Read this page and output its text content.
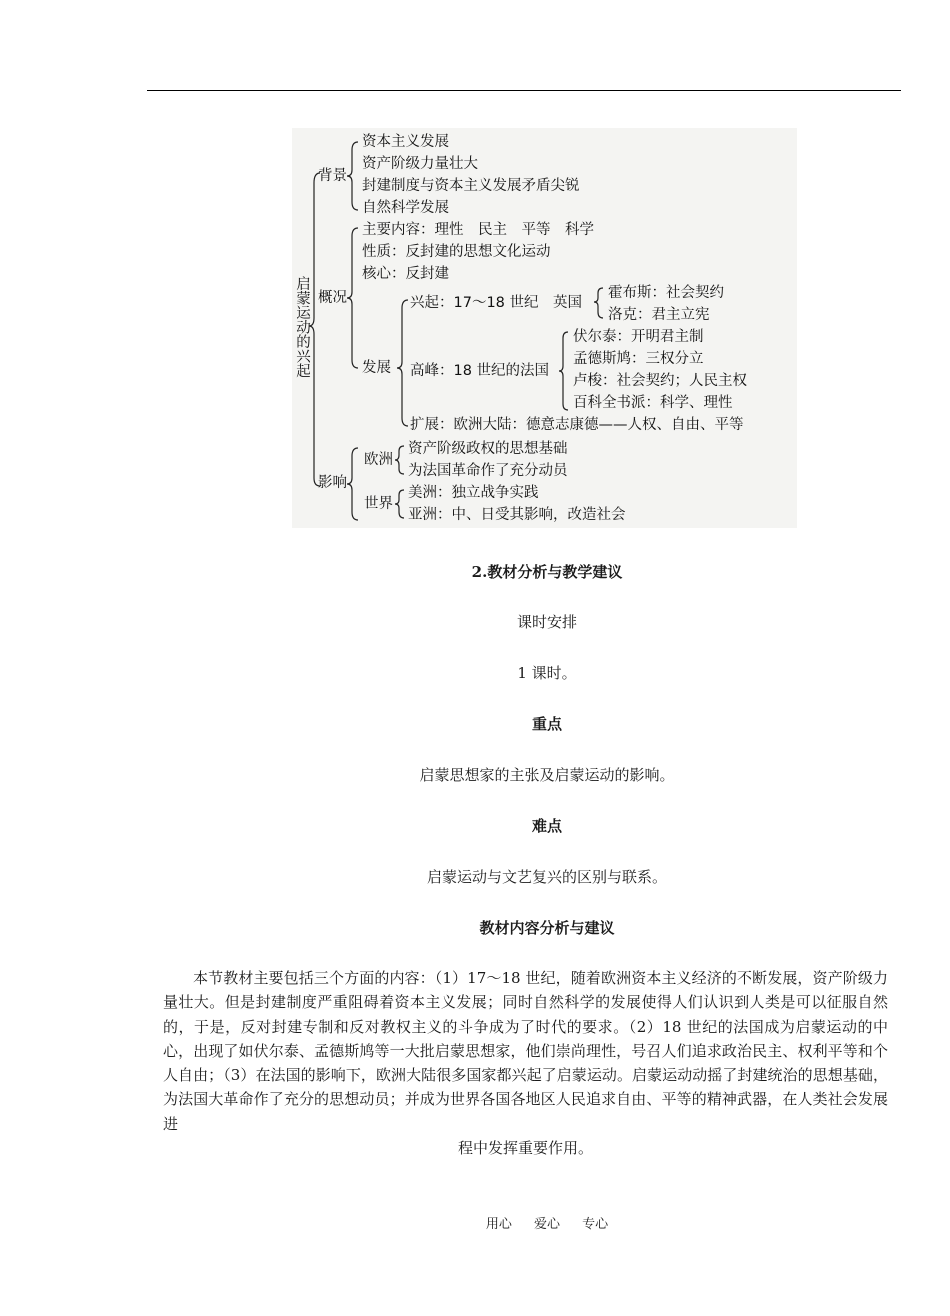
启蒙运动的兴起
背景
资本主义发展
资产阶级力量壮大
封建制度与资本主义发展矛盾尖锐
自然科学发展
概况
主要内容：理性　民主　平等　科学
性质：反封建的思想文化运动
核心：反封建
发展
兴起：17～18 世纪　英国
霍布斯：社会契约
洛克：君主立宪
高峰：18 世纪的法国
伏尔泰：开明君主制
孟德斯鸠：三权分立
卢梭：社会契约；人民主权
百科全书派：科学、理性
扩展：欧洲大陆：德意志康德——人权、自由、平等
影响
欧洲
资产阶级政权的思想基础
为法国革命作了充分动员
世界
美洲：独立战争实践
亚洲：中、日受其影响，改造社会
2.教材分析与教学建议
课时安排
1 课时。
重点
启蒙思想家的主张及启蒙运动的影响。
难点
启蒙运动与文艺复兴的区别与联系。
教材内容分析与建议
本节教材主要包括三个方面的内容：（1）17～18 世纪，随着欧洲资本主义经济的不断发展，资产阶级力量壮大。但是封建制度严重阻碍着资本主义发展；同时自然科学的发展使得人们认识到人类是可以征服自然的，于是，反对封建专制和反对教权主义的斗争成为了时代的要求。（2）18 世纪的法国成为启蒙运动的中心，出现了如伏尔泰、孟德斯鸠等一大批启蒙思想家，他们崇尚理性，号召人们追求政治民主、权利平等和个人自由；（3）在法国的影响下，欧洲大陆很多国家都兴起了启蒙运动。启蒙运动动摇了封建统治的思想基础，为法国大革命作了充分的思想动员；并成为世界各国各地区人民追求自由、平等的精神武器，在人类社会发展进
程中发挥重要作用。
用心 爱心 专心
